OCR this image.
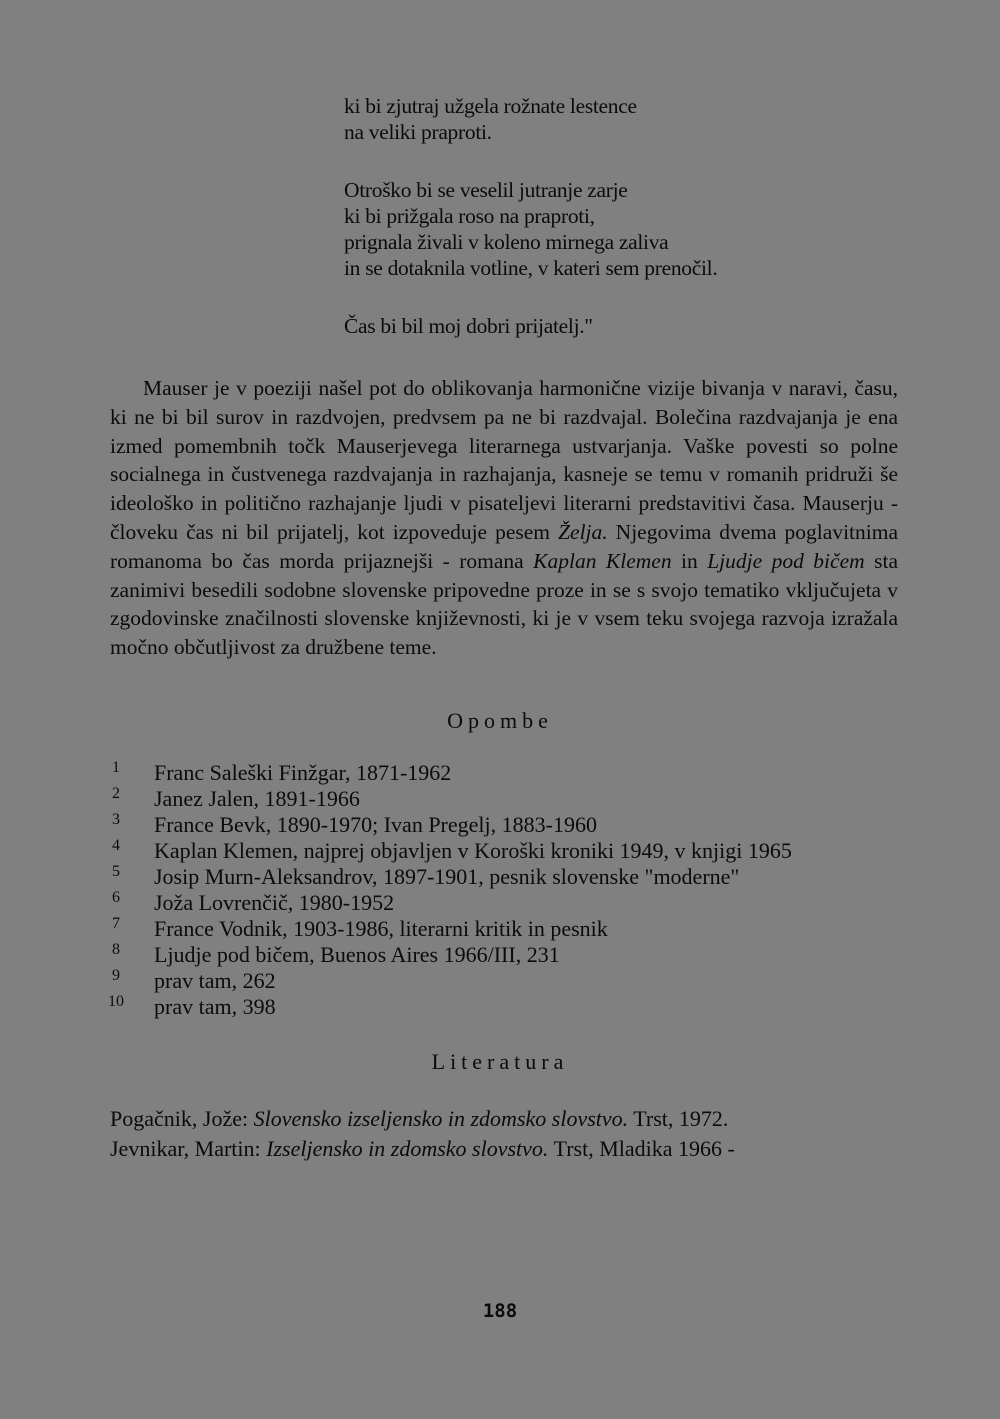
ki bi zjutraj užgela rožnate lestence
na veliki praproti.
Otroško bi se veselil jutranje zarje
ki bi prižgala roso na praproti,
prignala živali v koleno mirnega zaliva
in se dotaknila votline, v kateri sem prenočil.
Čas bi bil moj dobri prijatelj."

Mauser je v poeziji našel pot do oblikovanja harmonične vizije bivanja v naravi, času, ki ne bi bil surov in razdvojen, predvsem pa ne bi razdvajal. Bolečina razdvajanja je ena izmed pomembnih točk Mauserjevega literarnega ustvarjanja. Vaške povesti so polne socialnega in čustvenega razdvajanja in razhajanja, kasneje se temu v romanih pridruži še ideološko in politično razhajanje ljudi v pisateljevi literarni predstavitivi časa. Mauserju - človeku čas ni bil prijatelj, kot izpoveduje pesem Želja. Njegovima dvema poglavitnima romanoma bo čas morda prijaznejši - romana Kaplan Klemen in Ljudje pod bičem sta zanimivi besedili sodobne slovenske pripovedne proze in se s svojo tematiko vključujeta v zgodovinske značilnosti slovenske književnosti, ki je v vsem teku svojega razvoja izražala močno občutljivost za družbene teme.

Opombe
1	Franc Saleški Finžgar, 1871-1962
2	Janez Jalen, 1891-1966
3	France Bevk, 1890-1970; Ivan Pregelj, 1883-1960
4	Kaplan Klemen, najprej objavljen v Koroški kroniki 1949, v knjigi 1965
5	Josip Murn-Aleksandrov, 1897-1901, pesnik slovenske "moderne"
6	Joža Lovrenčič, 1980-1952
7	France Vodnik, 1903-1986, literarni kritik in pesnik
8	Ljudje pod bičem, Buenos Aires 1966/III, 231
9	prav tam, 262
10	prav tam, 398
Literatura
Pogačnik, Jože: Slovensko izseljensko in zdomsko slovstvo. Trst, 1972.
Jevnikar, Martin: Izseljensko in zdomsko slovstvo. Trst, Mladika 1966 -
188
